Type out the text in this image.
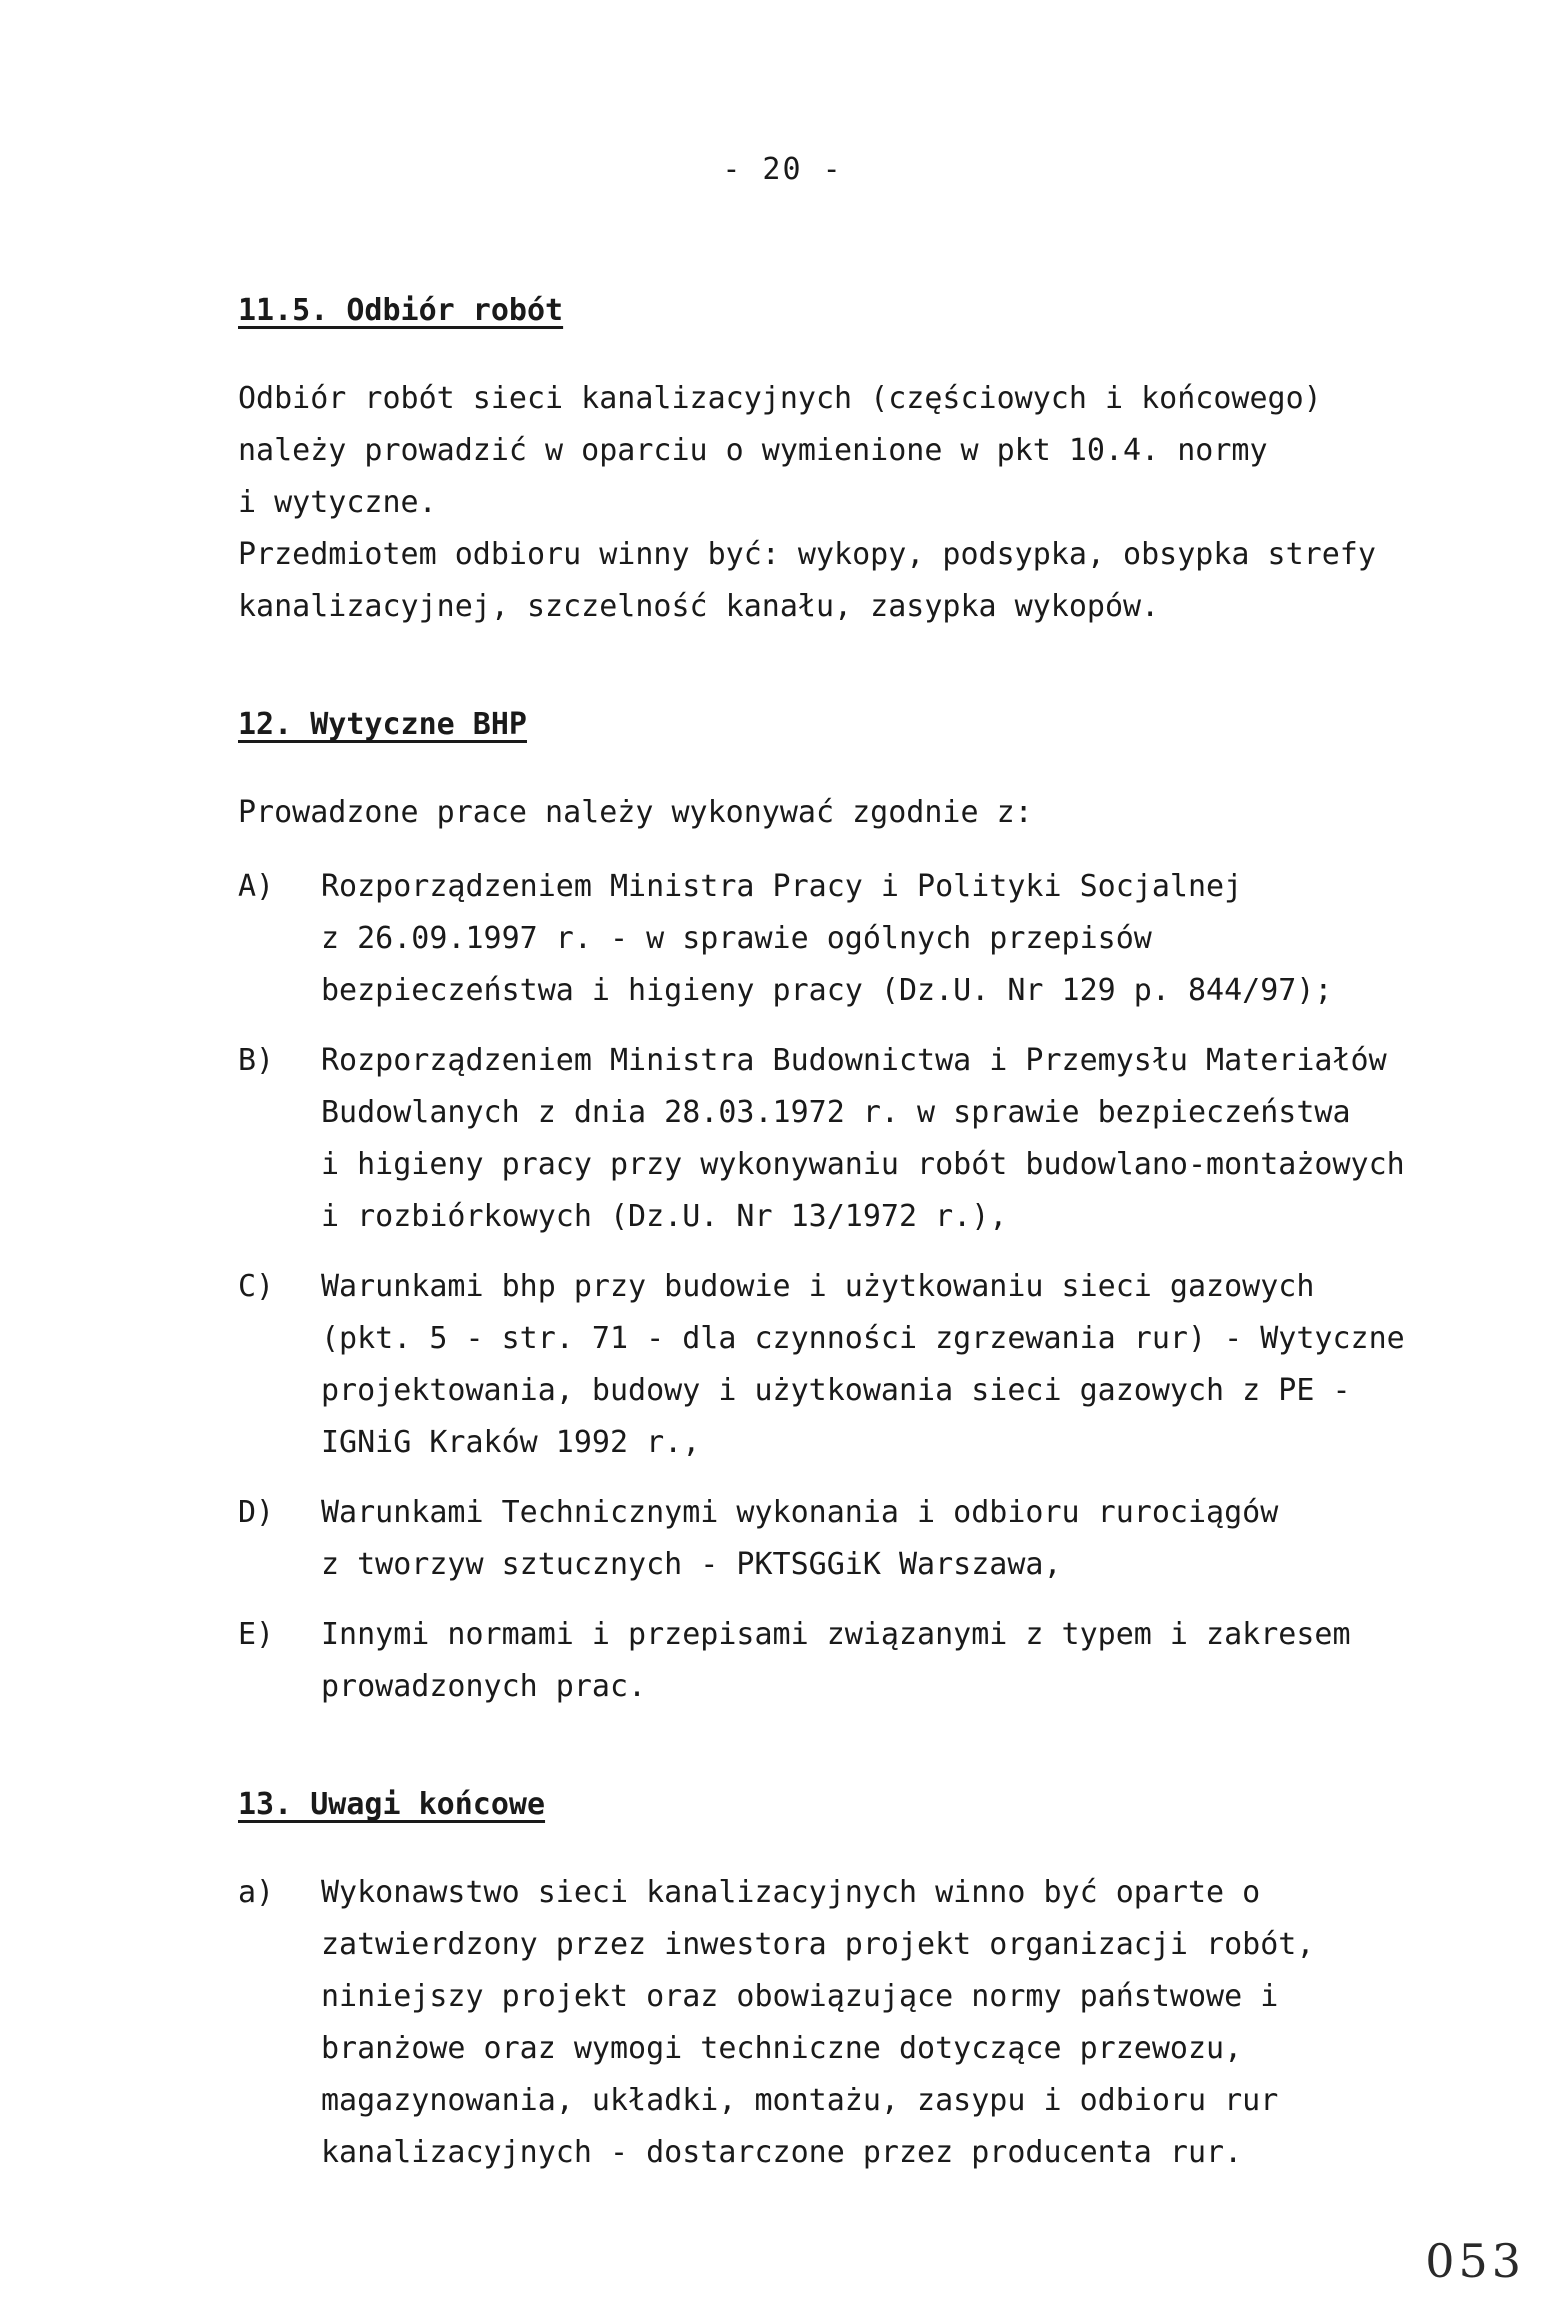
- 20 -

11.5. Odbiór robót

Odbiór robót sieci kanalizacyjnych (częściowych i końcowego)
należy prowadzić w oparciu o wymienione w pkt 10.4. normy
i wytyczne.
Przedmiotem odbioru winny być: wykopy, podsypka, obsypka strefy
kanalizacyjnej, szczelność kanału, zasypka wykopów.

12. Wytyczne BHP

Prowadzone prace należy wykonywać zgodnie z:

A)	Rozporządzeniem Ministra Pracy i Polityki Socjalnej
z 26.09.1997 r. - w sprawie ogólnych przepisów
bezpieczeństwa i higieny pracy (Dz.U. Nr 129 p. 844/97);
B)	Rozporządzeniem Ministra Budownictwa i Przemysłu Materiałów
Budowlanych z dnia 28.03.1972 r. w sprawie bezpieczeństwa
i higieny pracy przy wykonywaniu robót budowlano-montażowych
i rozbiórkowych (Dz.U. Nr 13/1972 r.),
C)	Warunkami bhp przy budowie i użytkowaniu sieci gazowych
(pkt. 5 - str. 71 - dla czynności zgrzewania rur) - Wytyczne
projektowania, budowy i użytkowania sieci gazowych z PE -
IGNiG Kraków 1992 r.,
D)	Warunkami Technicznymi wykonania i odbioru rurociągów
z tworzyw sztucznych - PKTSGGiK Warszawa,
E)	Innymi normami i przepisami związanymi z typem i zakresem
prowadzonych prac.

13. Uwagi końcowe

a)	Wykonawstwo sieci kanalizacyjnych winno być oparte o
zatwierdzony przez inwestora projekt organizacji robót,
niniejszy projekt oraz obowiązujące normy państwowe i
branżowe oraz wymogi techniczne dotyczące przewozu,
magazynowania, układki, montażu, zasypu i odbioru rur
kanalizacyjnych - dostarczone przez producenta rur.
053
